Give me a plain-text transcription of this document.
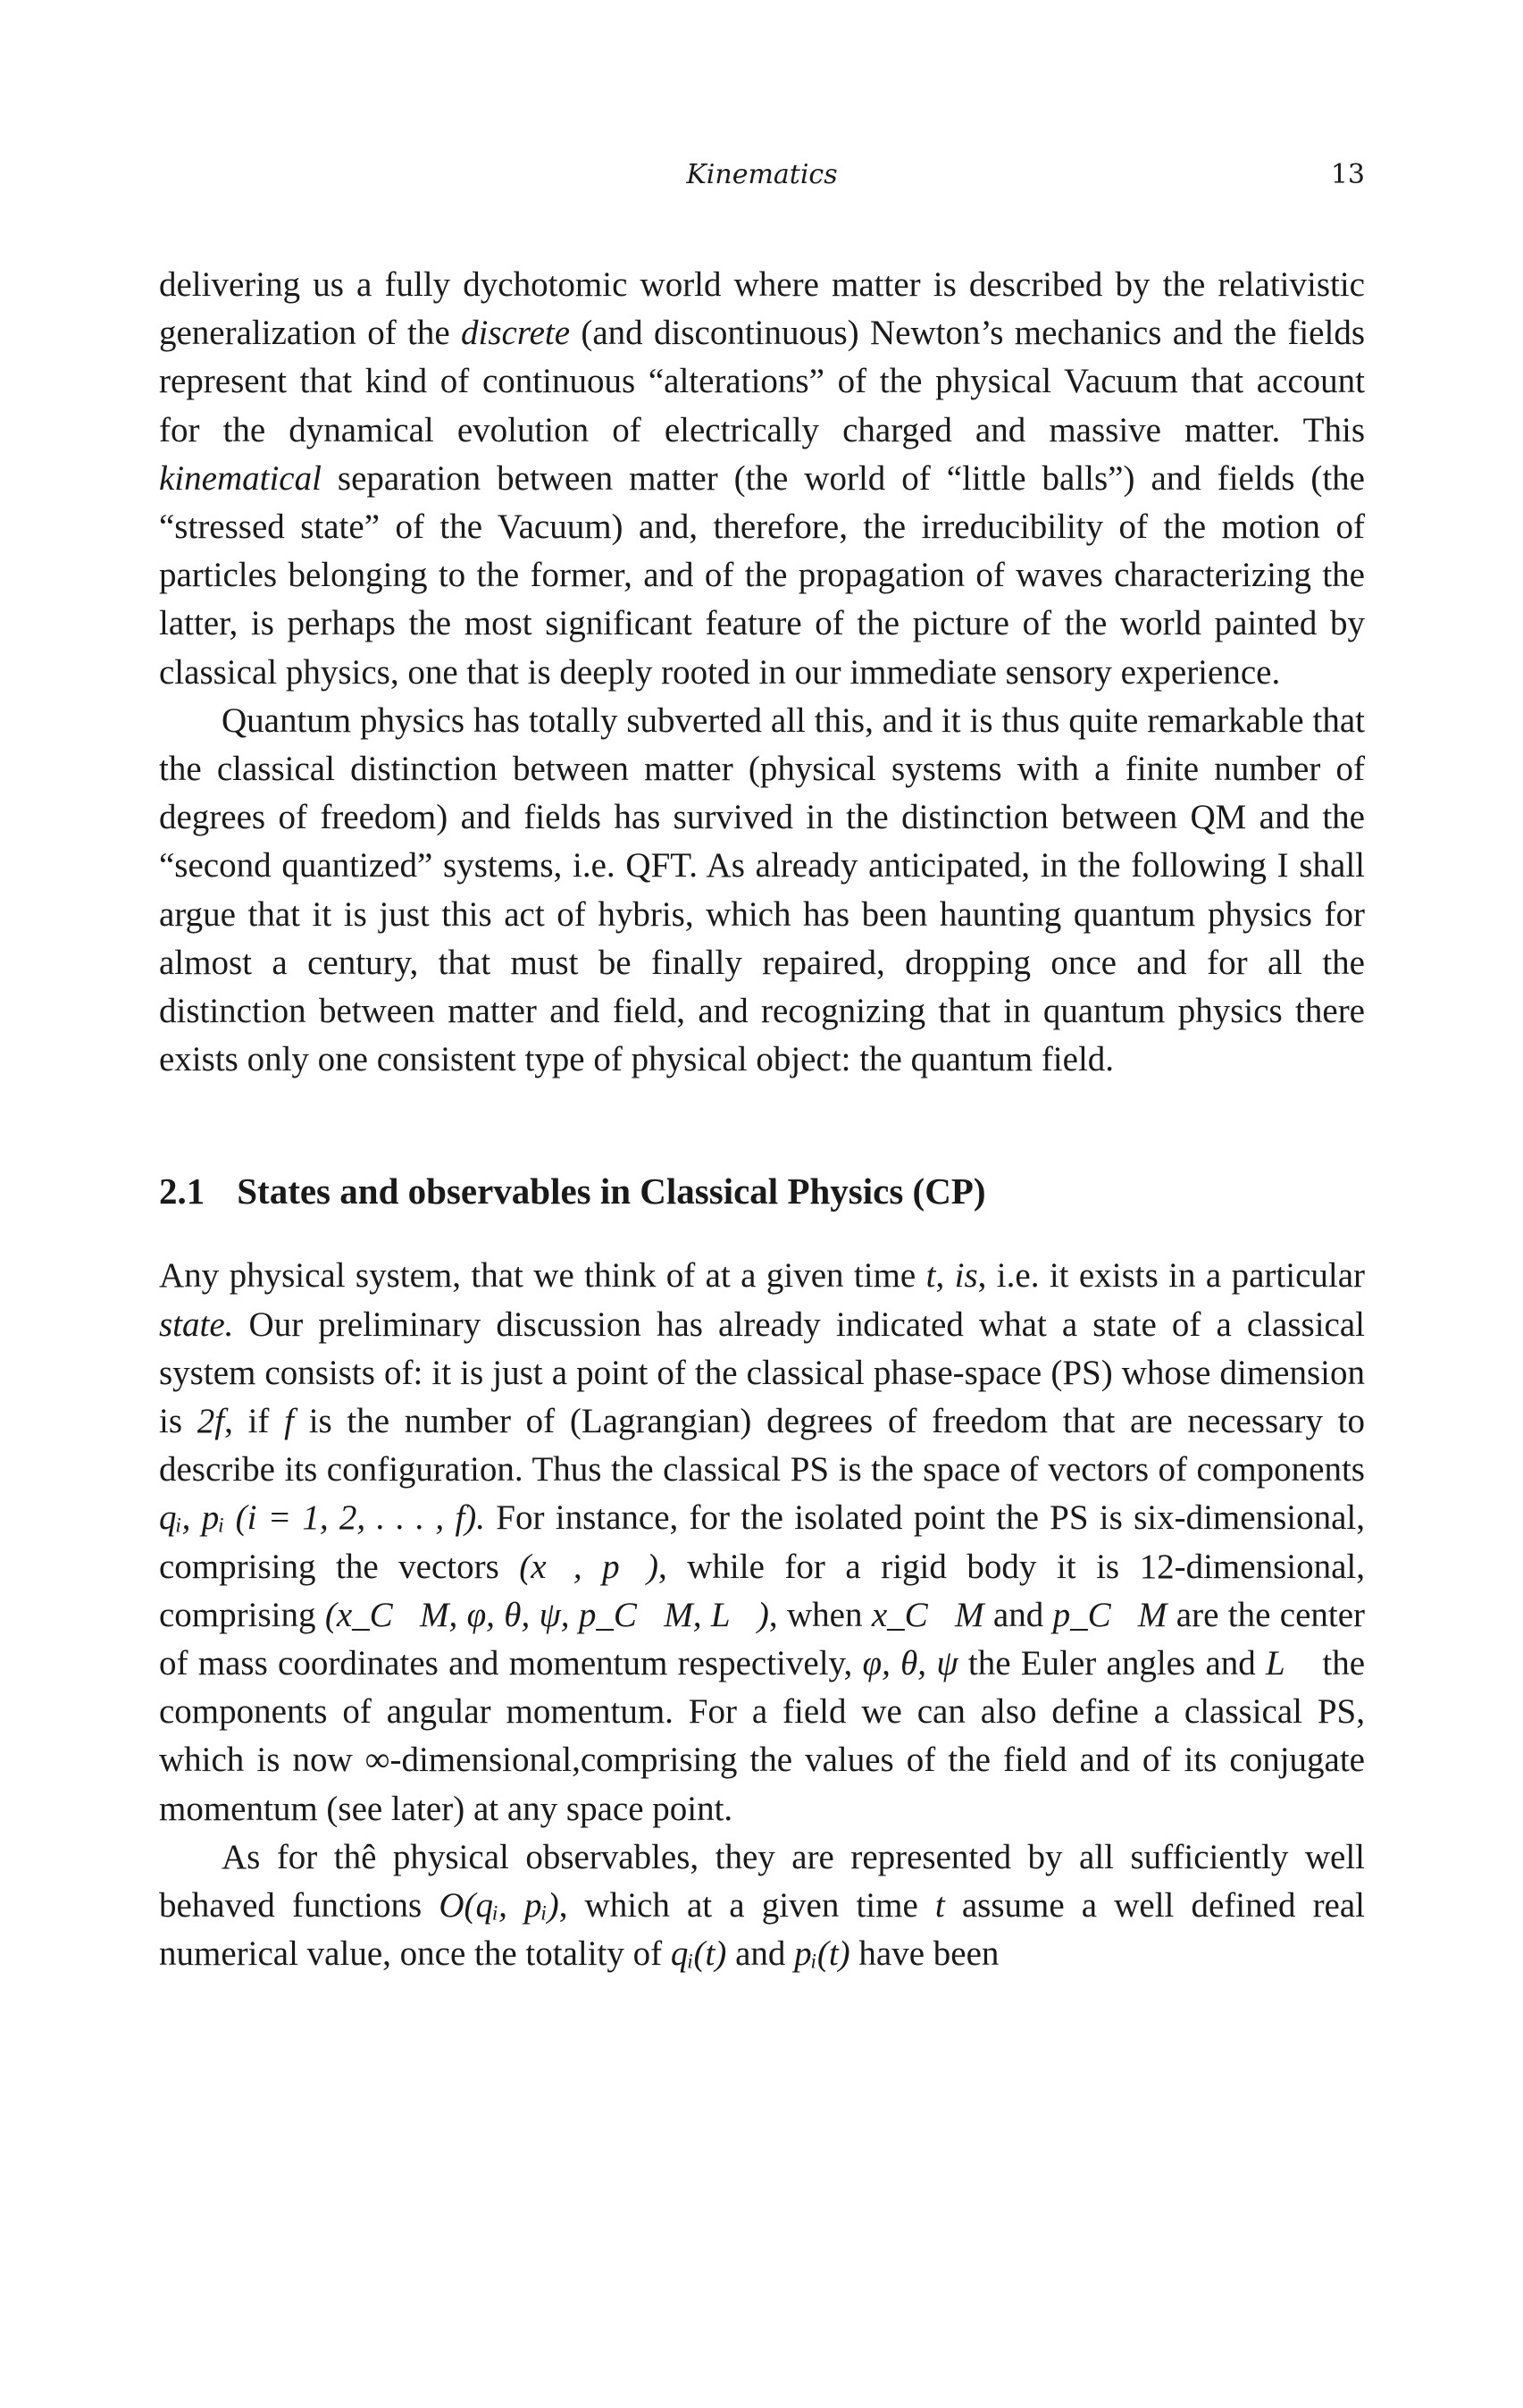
Kinematics	13

delivering us a fully dychotomic world where matter is described by the relativistic generalization of the discrete (and discontinuous) Newton’s mechanics and the fields represent that kind of continuous “alterations” of the physical Vacuum that account for the dynamical evolution of electrically charged and massive matter. This kinematical separation between matter (the world of “little balls”) and fields (the “stressed state” of the Vacuum) and, therefore, the irreducibility of the motion of particles belonging to the former, and of the propagation of waves characterizing the latter, is perhaps the most significant feature of the picture of the world painted by classical physics, one that is deeply rooted in our immediate sensory experience.

Quantum physics has totally subverted all this, and it is thus quite remarkable that the classical distinction between matter (physical systems with a finite number of degrees of freedom) and fields has survived in the distinction between QM and the “second quantized” systems, i.e. QFT. As already anticipated, in the following I shall argue that it is just this act of hybris, which has been haunting quantum physics for almost a century, that must be finally repaired, dropping once and for all the distinction between matter and field, and recognizing that in quantum physics there exists only one consistent type of physical object: the quantum field.

2.1 States and observables in Classical Physics (CP)

Any physical system, that we think of at a given time t, is, i.e. it exists in a particular state. Our preliminary discussion has already indicated what a state of a classical system consists of: it is just a point of the classical phase-space (PS) whose dimension is 2f, if f is the number of (Lagrangian) degrees of freedom that are necessary to describe its configuration. Thus the classical PS is the space of vectors of components qᵢ, pᵢ (i = 1, 2, . . . , f). For instance, for the isolated point the PS is six-dimensional, comprising the vectors (x⃗, p⃗), while for a rigid body it is 12-dimensional, comprising (x_C⃗M, φ, θ, ψ, p_C⃗M, L⃗), when x_C⃗M and p_C⃗M are the center of mass coordinates and momentum respectively, φ, θ, ψ the Euler angles and L⃗ the components of angular momentum. For a field we can also define a classical PS, which is now ∞-dimensional,comprising the values of the field and of its conjugate momentum (see later) at any space point.

As for thê physical observables, they are represented by all sufficiently well behaved functions O(qᵢ, pᵢ), which at a given time t assume a well defined real numerical value, once the totality of qᵢ(t) and pᵢ(t) have been
